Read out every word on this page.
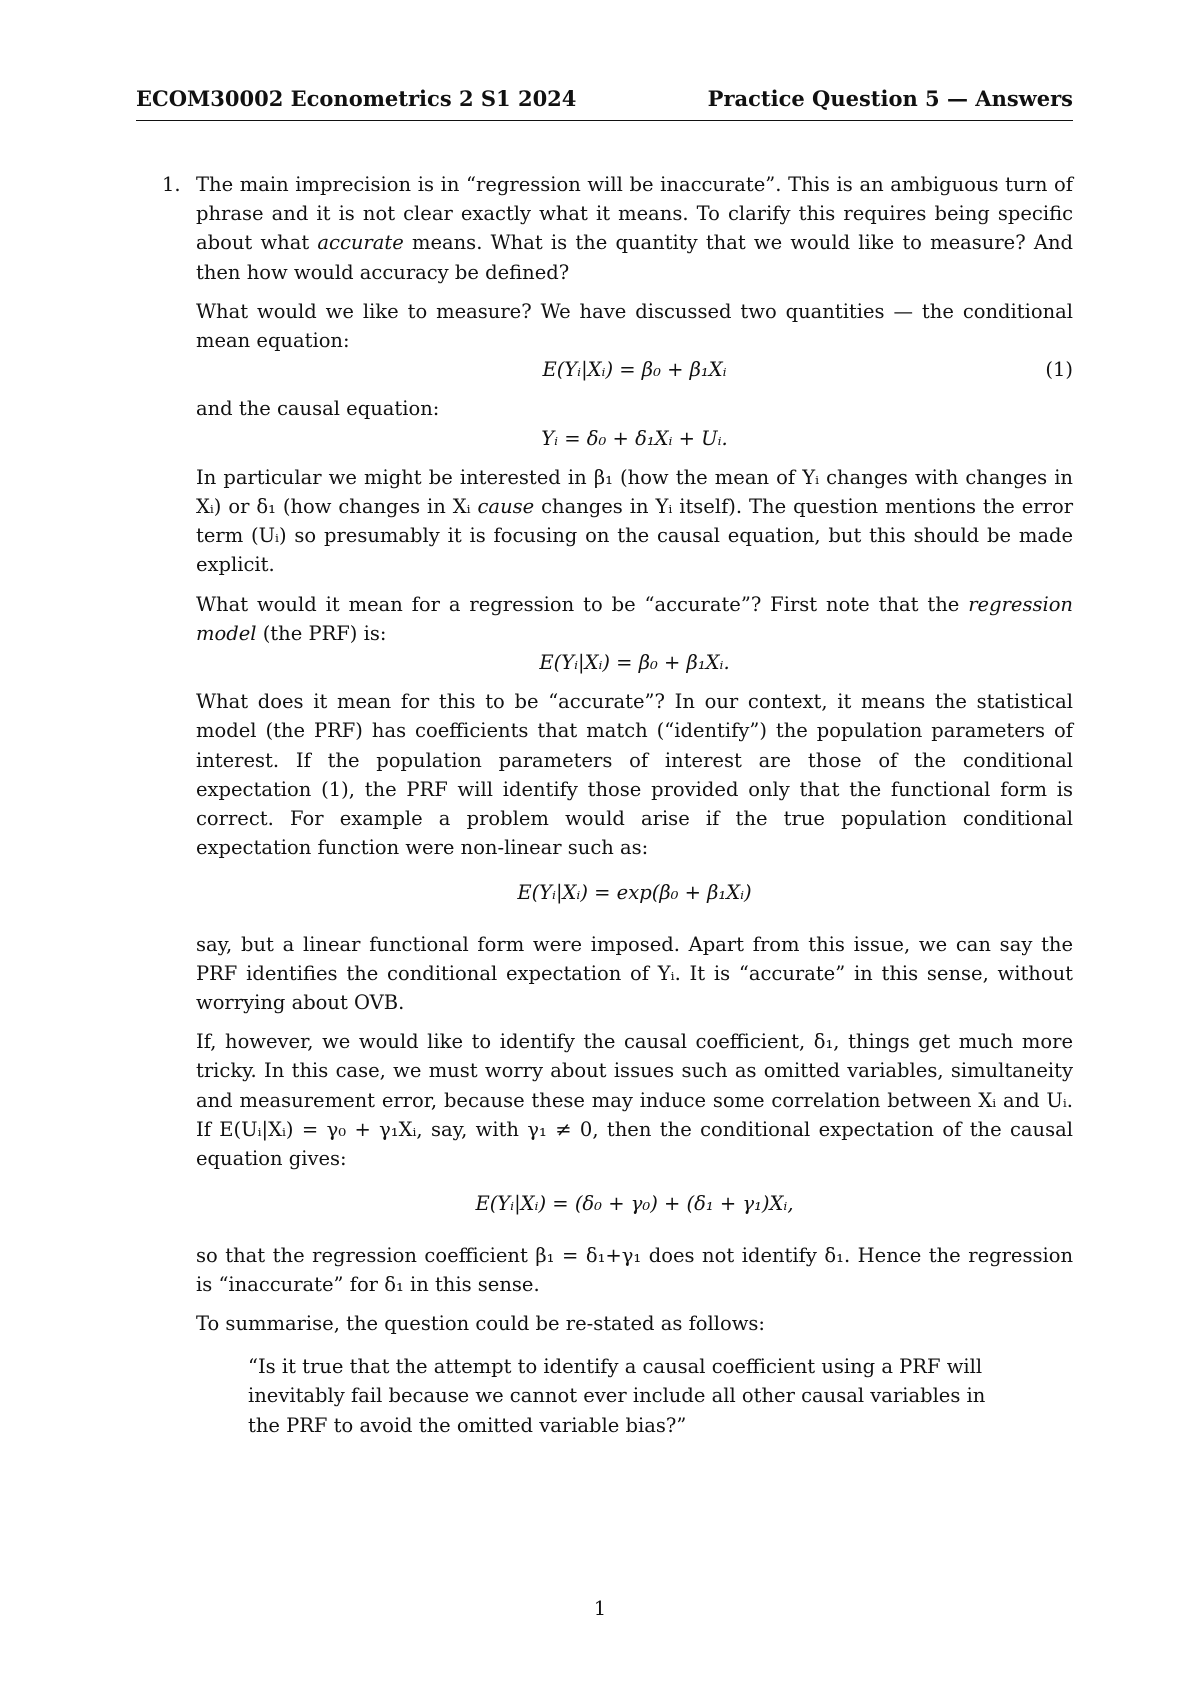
ECOM30002 Econometrics 2 S1 2024	Practice Question 5 — Answers

1. The main imprecision is in “regression will be inaccurate”. This is an ambiguous turn of phrase and it is not clear exactly what it means. To clarify this requires being specific about what accurate means. What is the quantity that we would like to measure? And then how would accuracy be defined?

What would we like to measure? We have discussed two quantities — the conditional mean equation:

E(Yᵢ|Xᵢ) = β₀ + β₁Xᵢ	(1)

and the causal equation:

Yᵢ = δ₀ + δ₁Xᵢ + Uᵢ.

In particular we might be interested in β₁ (how the mean of Yᵢ changes with changes in Xᵢ) or δ₁ (how changes in Xᵢ cause changes in Yᵢ itself). The question mentions the error term (Uᵢ) so presumably it is focusing on the causal equation, but this should be made explicit.

What would it mean for a regression to be “accurate”? First note that the regression model (the PRF) is:

E(Yᵢ|Xᵢ) = β₀ + β₁Xᵢ.

What does it mean for this to be “accurate”? In our context, it means the statistical model (the PRF) has coefficients that match (“identify”) the population parameters of interest. If the population parameters of interest are those of the conditional expectation (1), the PRF will identify those provided only that the functional form is correct. For example a problem would arise if the true population conditional expectation function were non-linear such as:

E(Yᵢ|Xᵢ) = exp(β₀ + β₁Xᵢ)

say, but a linear functional form were imposed. Apart from this issue, we can say the PRF identifies the conditional expectation of Yᵢ. It is “accurate” in this sense, without worrying about OVB.

If, however, we would like to identify the causal coefficient, δ₁, things get much more tricky. In this case, we must worry about issues such as omitted variables, simultaneity and measurement error, because these may induce some correlation between Xᵢ and Uᵢ. If E(Uᵢ|Xᵢ) = γ₀ + γ₁Xᵢ, say, with γ₁ ≠ 0, then the conditional expectation of the causal equation gives:

E(Yᵢ|Xᵢ) = (δ₀ + γ₀) + (δ₁ + γ₁)Xᵢ,

so that the regression coefficient β₁ = δ₁+γ₁ does not identify δ₁. Hence the regression is “inaccurate” for δ₁ in this sense.

To summarise, the question could be re-stated as follows:

“Is it true that the attempt to identify a causal coefficient using a PRF will inevitably fail because we cannot ever include all other causal variables in the PRF to avoid the omitted variable bias?”
1
